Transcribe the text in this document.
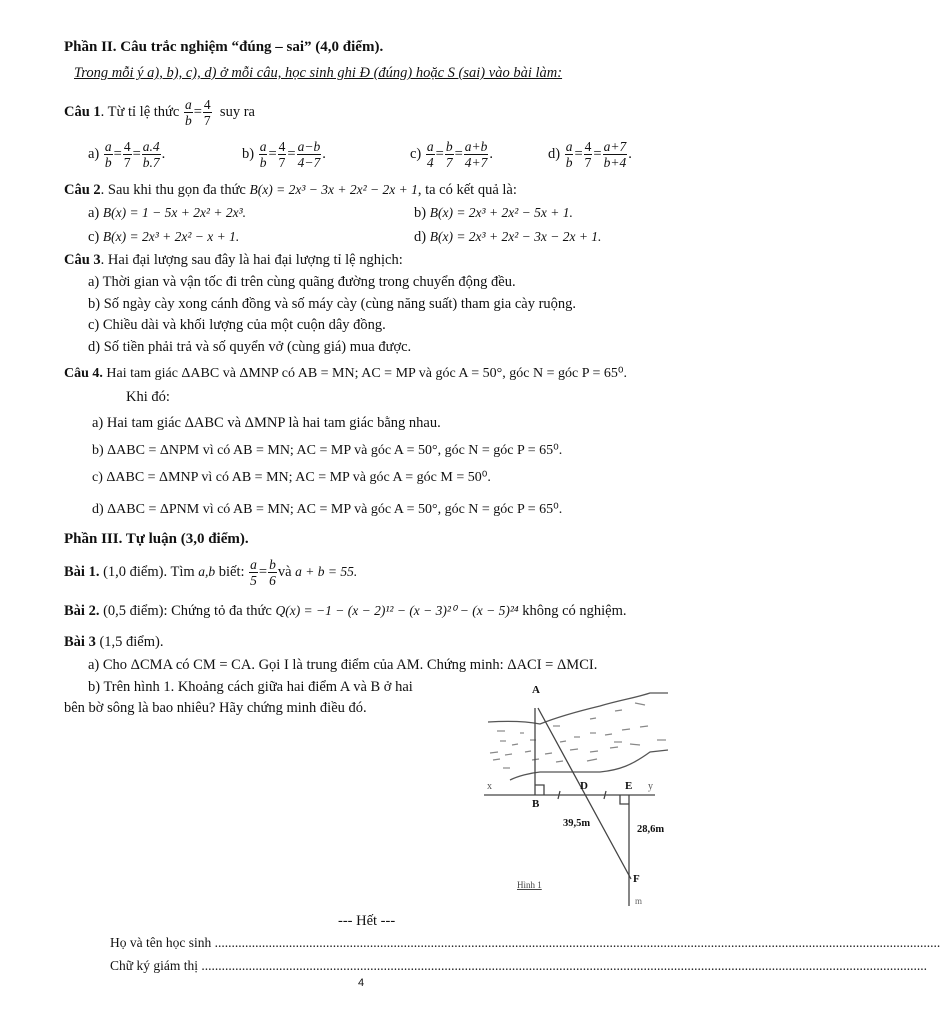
Phần II. Câu trắc nghiệm “đúng – sai” (4,0 điểm).
Trong mỗi ý a), b), c), d) ở mỗi câu, học sinh ghi Đ (đúng) hoặc S (sai) vào bài làm:
Câu 1. Từ tỉ lệ thức $\frac{a}{b} = \frac{4}{7}$ suy ra
$a) \frac{a}{b} = \frac{4}{7} = \frac{a.4}{b.7}$ .	$b) \frac{a}{b} = \frac{4}{7} = \frac{a-b}{4-7}$ .	$c) \frac{a}{4} = \frac{b}{7} = \frac{a+b}{4+7}$ .	$d) \frac{a}{b} = \frac{4}{7} = \frac{a+7}{b+4}$ .
Câu 2. Sau khi thu gọn đa thức B(x) = 2x³ − 3x + 2x² − 2x + 1, ta có kết quả là:
a) B(x) = 1 − 5x + 2x² + 2x³.	b) B(x) = 2x³ + 2x² − 5x + 1.
c) B(x) = 2x³ + 2x² − x + 1.	d) B(x) = 2x³ + 2x² − 3x − 2x + 1.
Câu 3. Hai đại lượng sau đây là hai đại lượng tỉ lệ nghịch:
a) Thời gian và vận tốc đi trên cùng quãng đường trong chuyển động đều.
b) Số ngày cày xong cánh đồng và số máy cày (cùng năng suất) tham gia cày ruộng.
c) Chiều dài và khối lượng của một cuộn dây đồng.
d) Số tiền phải trả và số quyển vở (cùng giá) mua được.
Câu 4. Hai tam giác ΔABC và ΔMNP có AB = MN; AC = MP và góc A = 50°, góc N = góc P = 65⁰.
Khi đó:
a) Hai tam giác ΔABC và ΔMNP là hai tam giác bằng nhau.
b) ΔABC = ΔNPM vì có AB = MN; AC = MP và góc A = 50°, góc N = góc P = 65⁰.
c) ΔABC = ΔMNP vì có AB = MN; AC = MP và góc A = góc M = 50⁰.
d) ΔABC = ΔPNM vì có AB = MN; AC = MP và góc A = 50°, góc N = góc P = 65⁰.
Phần III. Tự luận (3,0 điểm).
Bài 1. (1,0 điểm). Tìm a,b biết: $\frac{a}{5} = \frac{b}{6}$ và a + b = 55.
Bài 2. (0,5 điểm): Chứng tỏ đa thức Q(x) = −1 − (x − 2)¹² − (x − 3)²⁰ − (x − 5)²⁴ không có nghiệm.
Bài 3 (1,5 điểm).
a) Cho ΔCMA có CM = CA. Gọi I là trung điểm của AM. Chứng minh: ΔACI = ΔMCI.
b) Trên hình 1. Khoảng cách giữa hai điểm A và B ở hai
bên bờ sông là bao nhiêu? Hãy chứng minh điều đó.
A
B
D	E
x	y
F
m
39,5m
28,6m
Hình 1
--- Hết ---
Họ và tên học sinh .......................................................................................................................................................................................................................
Chữ ký giám thị .......................................................................................................................................................................................................................
4
